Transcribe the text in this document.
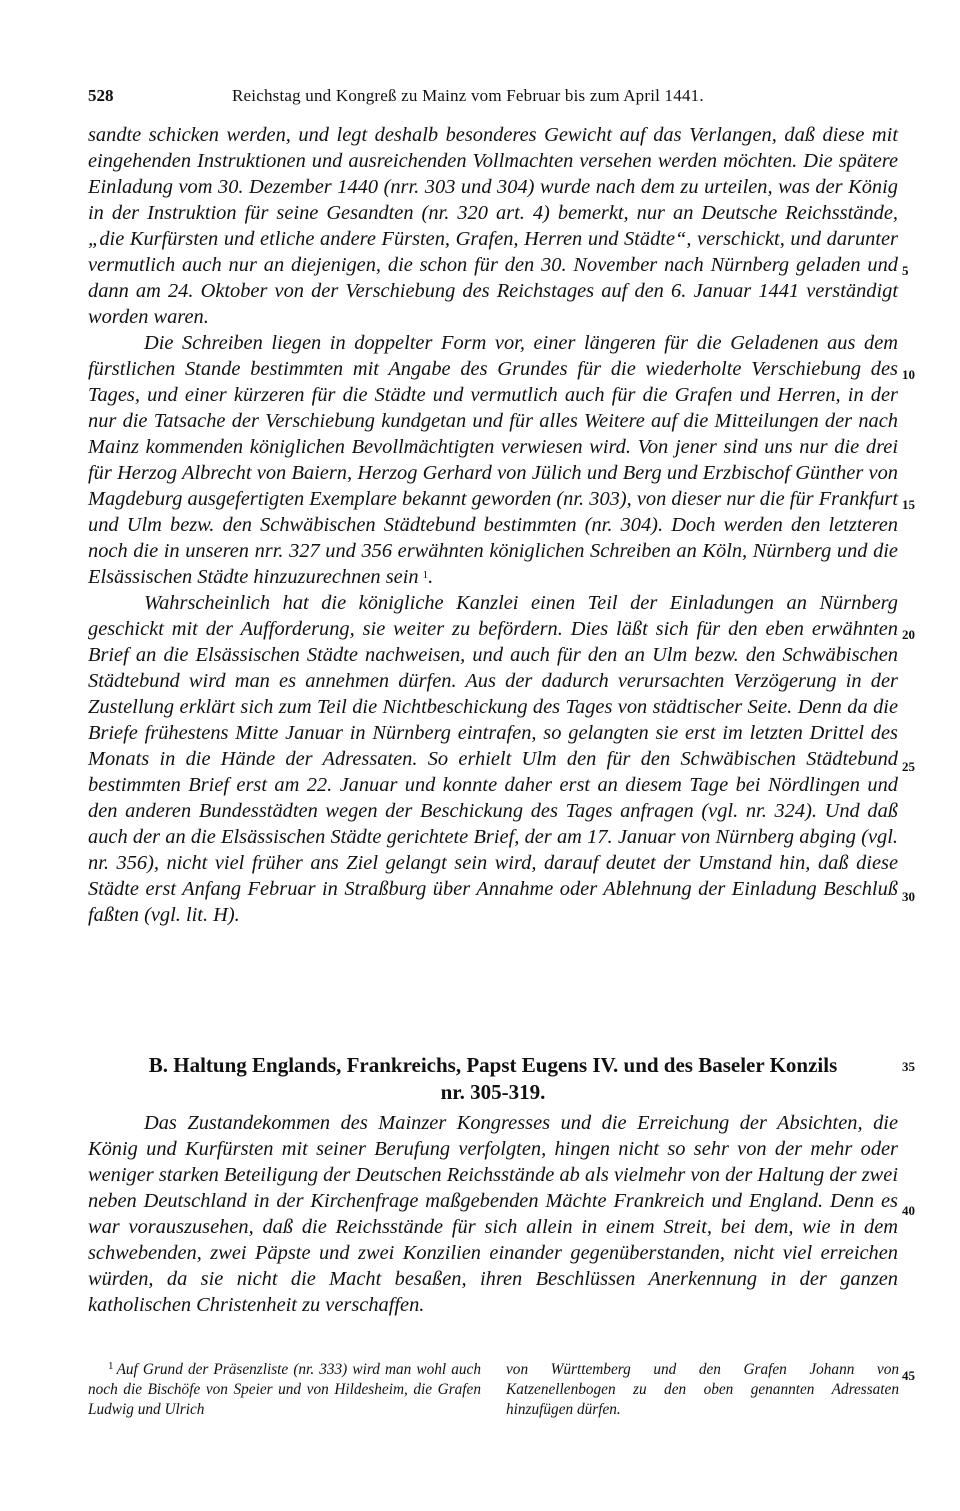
528	Reichstag und Kongreß zu Mainz vom Februar bis zum April 1441.

sandte schicken werden, und legt deshalb besonderes Gewicht auf das Verlangen, daß diese mit eingehenden Instruktionen und ausreichenden Vollmachten versehen werden möchten. Die spätere Einladung vom 30. Dezember 1440 (nrr. 303 und 304) wurde nach dem zu urteilen, was der König in der Instruktion für seine Gesandten (nr. 320 art. 4) bemerkt, nur an Deutsche Reichsstände, „die Kurfürsten und etliche andere Fürsten, Grafen, Herren und Städte“, verschickt, und darunter vermutlich auch nur an diejenigen, die schon für den 30. November nach Nürnberg geladen und dann am 24. Oktober von der Verschiebung des Reichstages auf den 6. Januar 1441 verständigt worden waren.

Die Schreiben liegen in doppelter Form vor, einer längeren für die Geladenen aus dem fürstlichen Stande bestimmten mit Angabe des Grundes für die wiederholte Verschiebung des Tages, und einer kürzeren für die Städte und vermutlich auch für die Grafen und Herren, in der nur die Tatsache der Verschiebung kundgetan und für alles Weitere auf die Mitteilungen der nach Mainz kommenden königlichen Bevollmächtigten verwiesen wird. Von jener sind uns nur die drei für Herzog Albrecht von Baiern, Herzog Gerhard von Jülich und Berg und Erzbischof Günther von Magdeburg ausgefertigten Exemplare bekannt geworden (nr. 303), von dieser nur die für Frankfurt und Ulm bezw. den Schwäbischen Städtebund bestimmten (nr. 304). Doch werden den letzteren noch die in unseren nrr. 327 und 356 erwähnten königlichen Schreiben an Köln, Nürnberg und die Elsässischen Städte hinzuzurechnen sein  $^1$.

Wahrscheinlich hat die königliche Kanzlei einen Teil der Einladungen an Nürnberg geschickt mit der Aufforderung, sie weiter zu befördern. Dies läßt sich für den eben erwähnten Brief an die Elsässischen Städte nachweisen, und auch für den an Ulm bezw. den Schwäbischen Städtebund wird man es annehmen dürfen. Aus der dadurch verursachten Verzögerung in der Zustellung erklärt sich zum Teil die Nichtbeschickung des Tages von städtischer Seite. Denn da die Briefe frühestens Mitte Januar in Nürnberg eintrafen, so gelangten sie erst im letzten Drittel des Monats in die Hände der Adressaten. So erhielt Ulm den für den Schwäbischen Städtebund bestimmten Brief erst am 22. Januar und konnte daher erst an diesem Tage bei Nördlingen und den anderen Bundesstädten wegen der Beschickung des Tages anfragen (vgl. nr. 324). Und daß auch der an die Elsässischen Städte gerichtete Brief, der am 17. Januar von Nürnberg abging (vgl. nr. 356), nicht viel früher ans Ziel gelangt sein wird, darauf deutet der Umstand hin, daß diese Städte erst Anfang Februar in Straßburg über Annahme oder Ablehnung der Einladung Beschluß faßten (vgl. lit. H).

B. Haltung Englands, Frankreichs, Papst Eugens IV. und des Baseler Konzils
nr. 305-319.

Das Zustandekommen des Mainzer Kongresses und die Erreichung der Absichten, die König und Kurfürsten mit seiner Berufung verfolgten, hingen nicht so sehr von der mehr oder weniger starken Beteiligung der Deutschen Reichsstände ab als vielmehr von der Haltung der zwei neben Deutschland in der Kirchenfrage maßgebenden Mächte Frankreich und England. Denn es war vorauszusehen, daß die Reichsstände für sich allein in einem Streit, bei dem, wie in dem schwebenden, zwei Päpste und zwei Konzilien einander gegenüberstanden, nicht viel erreichen würden, da sie nicht die Macht besaßen, ihren Beschlüssen Anerkennung in der ganzen katholischen Christenheit zu verschaffen.

$^1$  Auf Grund der Präsenzliste (nr. 333) wird man wohl auch noch die Bischöfe von Speier und von Hildesheim, die Grafen Ludwig und Ulrich
von Württemberg und den Grafen Johann von Katzenellenbogen zu den oben genannten Adressaten hinzufügen dürfen.
5
10
15
20
25
30
35
40
45
